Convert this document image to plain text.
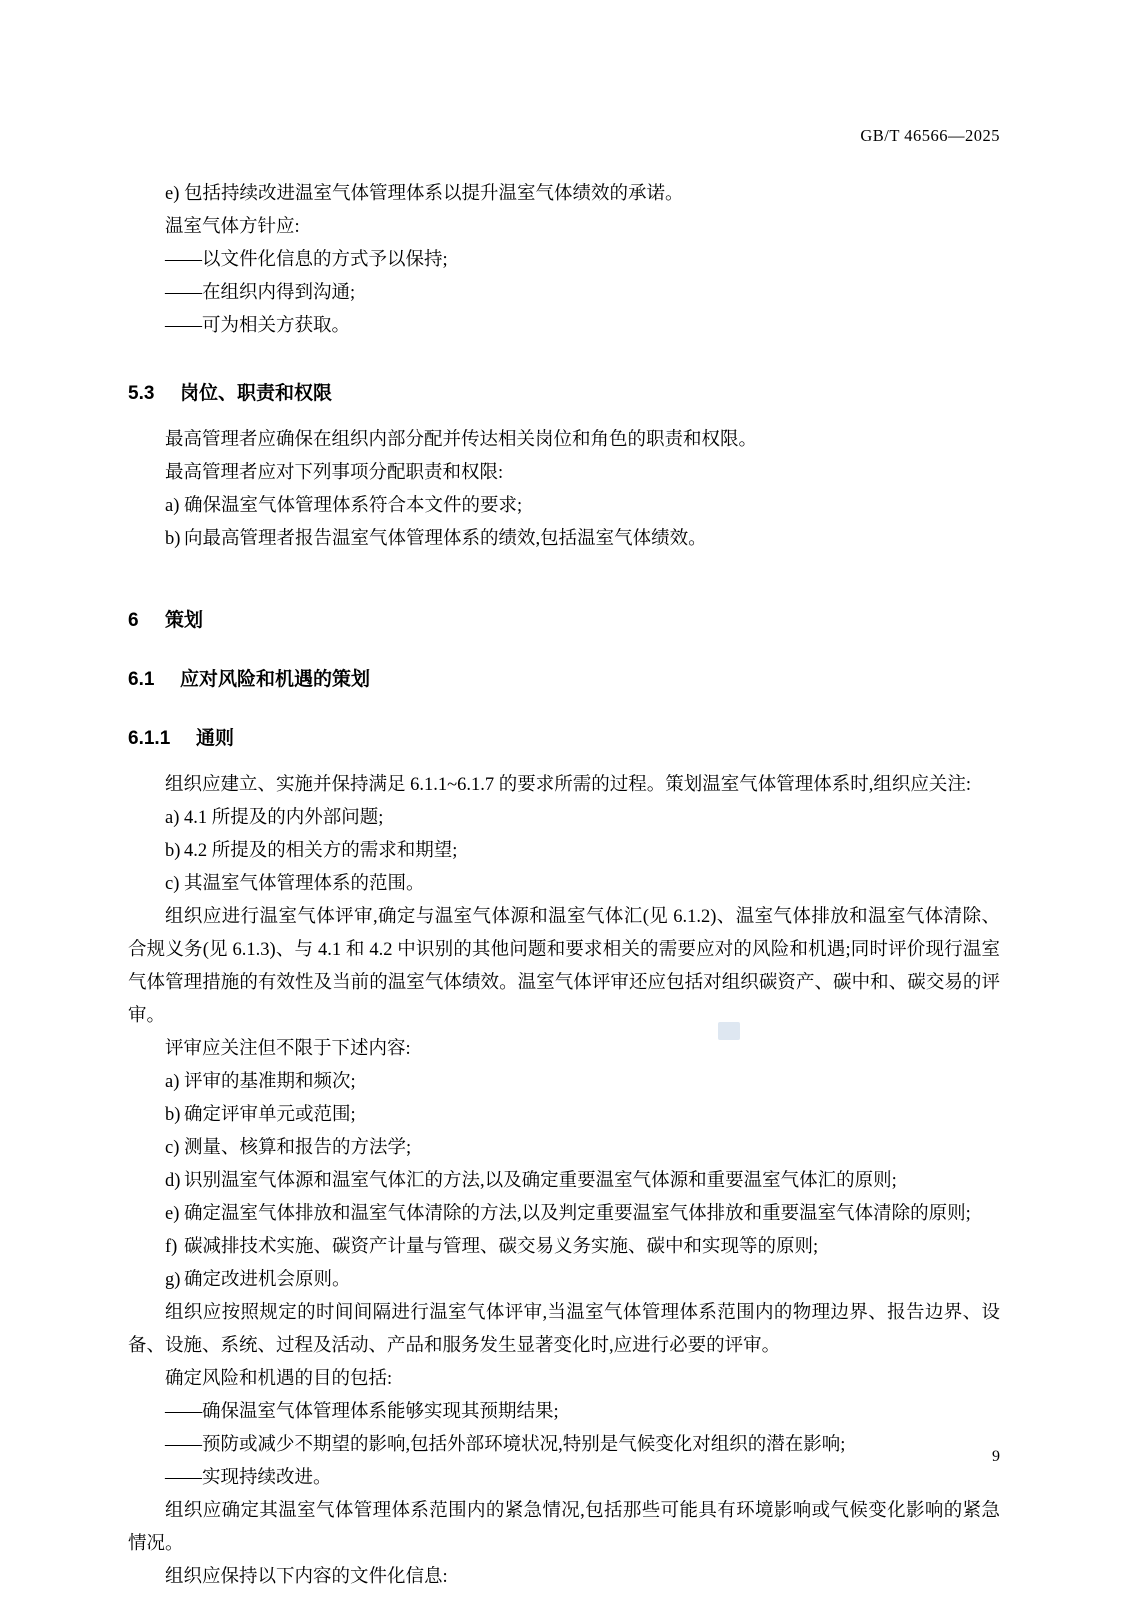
GB/T 46566—2025
e) 包括持续改进温室气体管理体系以提升温室气体绩效的承诺。

温室气体方针应:

——以文件化信息的方式予以保持;

——在组织内得到沟通;

——可为相关方获取。

5.3 岗位、职责和权限

最高管理者应确保在组织内部分配并传达相关岗位和角色的职责和权限。

最高管理者应对下列事项分配职责和权限:

a) 确保温室气体管理体系符合本文件的要求;
b) 向最高管理者报告温室气体管理体系的绩效,包括温室气体绩效。
6 策划
6.1 应对风险和机遇的策划
6.1.1 通则

组织应建立、实施并保持满足 6.1.1~6.1.7 的要求所需的过程。策划温室气体管理体系时,组织应关注:

a) 4.1 所提及的内外部问题;
b) 4.2 所提及的相关方的需求和期望;
c) 其温室气体管理体系的范围。

组织应进行温室气体评审,确定与温室气体源和温室气体汇(见 6.1.2)、温室气体排放和温室气体清除、合规义务(见 6.1.3)、与 4.1 和 4.2 中识别的其他问题和要求相关的需要应对的风险和机遇;同时评价现行温室气体管理措施的有效性及当前的温室气体绩效。温室气体评审还应包括对组织碳资产、碳中和、碳交易的评审。

评审应关注但不限于下述内容:

a) 评审的基准期和频次;
b) 确定评审单元或范围;
c) 测量、核算和报告的方法学;
d) 识别温室气体源和温室气体汇的方法,以及确定重要温室气体源和重要温室气体汇的原则;
e) 确定温室气体排放和温室气体清除的方法,以及判定重要温室气体排放和重要温室气体清除的原则;
f) 碳减排技术实施、碳资产计量与管理、碳交易义务实施、碳中和实现等的原则;
g) 确定改进机会原则。

组织应按照规定的时间间隔进行温室气体评审,当温室气体管理体系范围内的物理边界、报告边界、设备、设施、系统、过程及活动、产品和服务发生显著变化时,应进行必要的评审。

确定风险和机遇的目的包括:

——确保温室气体管理体系能够实现其预期结果;

——预防或减少不期望的影响,包括外部环境状况,特别是气候变化对组织的潜在影响;

——实现持续改进。

组织应确定其温室气体管理体系范围内的紧急情况,包括那些可能具有环境影响或气候变化影响的紧急情况。

组织应保持以下内容的文件化信息:

9
